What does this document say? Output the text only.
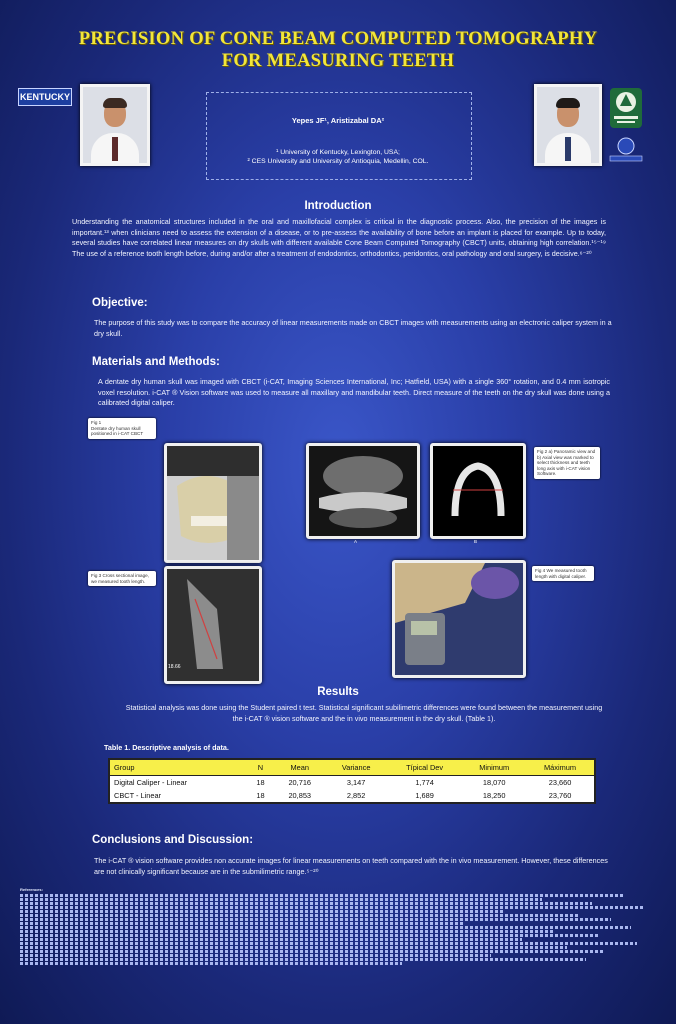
PRECISION OF CONE BEAM COMPUTED TOMOGRAPHY
FOR MEASURING TEETH
KENTUCKY
Yepes JF¹, Aristizabal DA²
¹ University of Kentucky, Lexington, USA;
² CES University and University of Antioquia, Medellin, COL.
Introduction
Understanding the anatomical structures included in the oral and maxillofacial complex is critical in the diagnostic process. Also, the precision of the images is important.¹³ when clinicians need to assess the extension of a disease, or to pre-assess the availability of bone before an implant is placed for example. Up to today, several studies have correlated linear measures on dry skulls with different available Cone Beam Computed Tomography (CBCT) units, obtaining high correlation.¹⁵⁻¹⁹ The use of a reference tooth length before, during and/or after a treatment of endodontics, orthodontics, peridontics, oral pathology and oral surgery, is decisive.⁶⁻²⁰
Objective:
The purpose of this study was to compare the accuracy of linear measurements made on CBCT images with measurements using an electronic caliper system in a dry skull.
Materials and Methods:
A dentate dry human skull was imaged with CBCT (i-CAT, Imaging Sciences International, Inc; Hatfield, USA) with a single 360° rotation, and 0.4 mm isotropic voxel resolution. i-CAT ® Vision software was used to measure all maxillary and mandibular teeth. Direct measure of the teeth on the dry skull was done using a calibrated digital caliper.
Fig 1
Dentate dry human skull positioned in i-CAT CBCT
A	B
Fig 2 a) Panoramic view and b) Axial view was marked to select thickness and teeth long axis with i-CAT vision Software.
Fig 3 Cross sectional image, we measured tooth length.
18.66
Fig 4 We measured tooth length with digital caliper.
Results
Statistical analysis was done using the Student paired t test. Statistical significant subilimetric differences were found between the measurement using the i-CAT ® vision software and the in vivo measurement in the dry skull. (Table 1).
Table 1. Descriptive analysis of data.
Group	N	Mean	Variance	Típical Dev	Minimum	Máximum
Digital Caliper - Linear	18	20,716	3,147	1,774	18,070	23,660
CBCT - Linear	18	20,853	2,852	1,689	18,250	23,760
Conclusions and Discussion:
The i-CAT ® vision software provides non accurate images for linear measurements on teeth compared with the in vivo measurement. However, these differences are not clinically significant because are in the submilimetric range.⁵⁻²⁰
References:
